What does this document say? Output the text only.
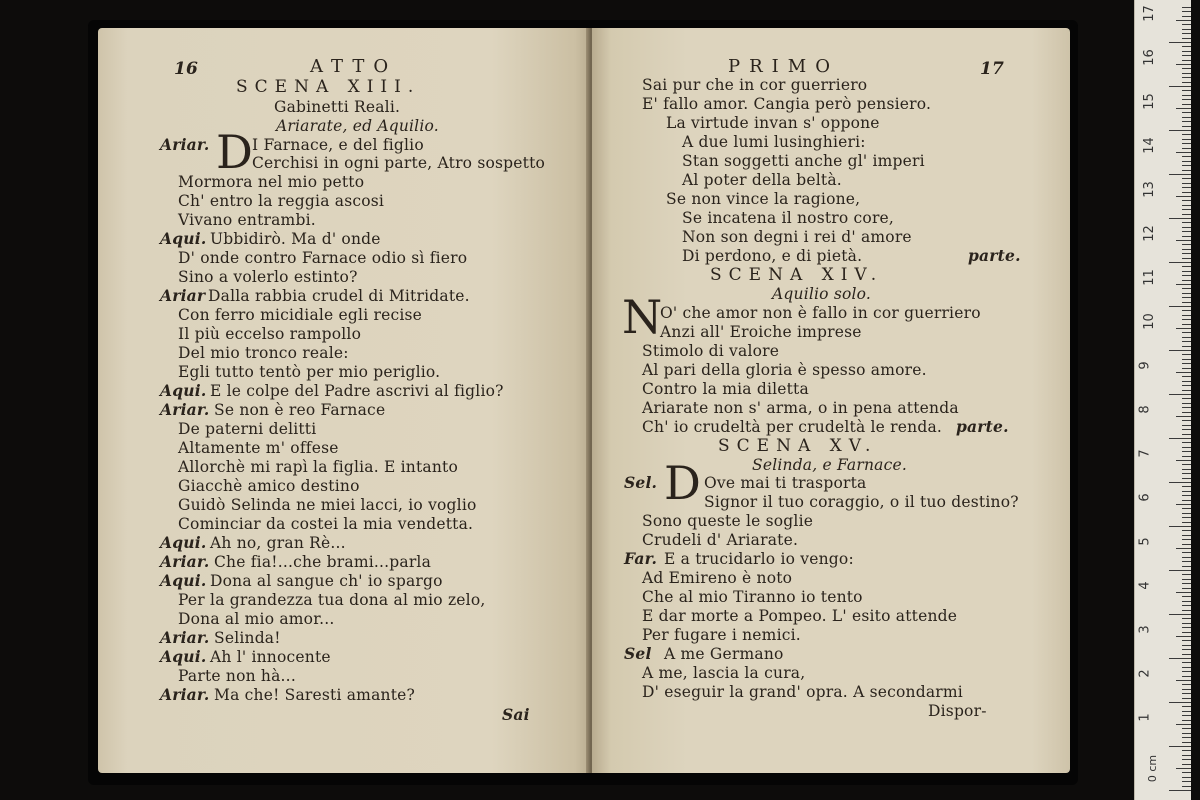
16	ATTO
SCENA XIII.
Gabinetti Reali.
Ariarate, ed Aquilio.
D
Ariar.	I Farnace, e del figlio
Cerchisi in ogni parte, Atro sospetto
Mormora nel mio petto
Ch' entro la reggia ascosi
Vivano entrambi.
Aqui. Ubbidirò. Ma d' onde
D' onde contro Farnace odio sì fiero
Sino a volerlo estinto?
Ariar Dalla rabbia crudel di Mitridate.
Con ferro micidiale egli recise
Il più eccelso rampollo
Del mio tronco reale:
Egli tutto tentò per mio periglio.
Aqui. E le colpe del Padre ascrivi al figlio?
Ariar. Se non è reo Farnace
De paterni delitti
Altamente m' offese
Allorchè mi rapì la figlia. E intanto
Giacchè amico destino
Guidò Selinda ne miei lacci, io voglio
Cominciar da costei la mia vendetta.
Aqui. Ah no, gran Rè...
Ariar. Che fia!...che brami...parla
Aqui. Dona al sangue ch' io spargo
Per la grandezza tua dona al mio zelo,
Dona al mio amor...
Ariar. Selinda!
Aqui. Ah l' innocente
Parte non hà...
Ariar. Ma che! Saresti amante?
Sai
PRIMO	17
Sai pur che in cor guerriero
E' fallo amor. Cangia però pensiero.
La virtude invan s' oppone
A due lumi lusinghieri:
Stan soggetti anche gl' imperi
Al poter della beltà.
Se non vince la ragione,
Se incatena il nostro core,
Non son degni i rei d' amore
Di perdono, e di pietà.	parte.
SCENA XIV.
Aquilio solo.
N
O' che amor non è fallo in cor guerriero
Anzi all' Eroiche imprese
Stimolo di valore
Al pari della gloria è spesso amore.
Contro la mia diletta
Ariarate non s' arma, o in pena attenda
Ch' io crudeltà per crudeltà le renda. parte.
SCENA XV.
Selinda, e Farnace.
D
Sel.	Ove mai ti trasporta
Signor il tuo coraggio, o il tuo destino?
Sono queste le soglie
Crudeli d' Ariarate.
Far. E a trucidarlo io vengo:
Ad Emireno è noto
Che al mio Tiranno io tento
E dar morte a Pompeo. L' esito attende
Per fugare i nemici.
Sel A me Germano
A me, lascia la cura,
D' eseguir la grand' opra. A secondarmi
Dispor-
0 cm
17
16
15
14
13
12
11
10
9
8
7
6
5
4
3
2
1
